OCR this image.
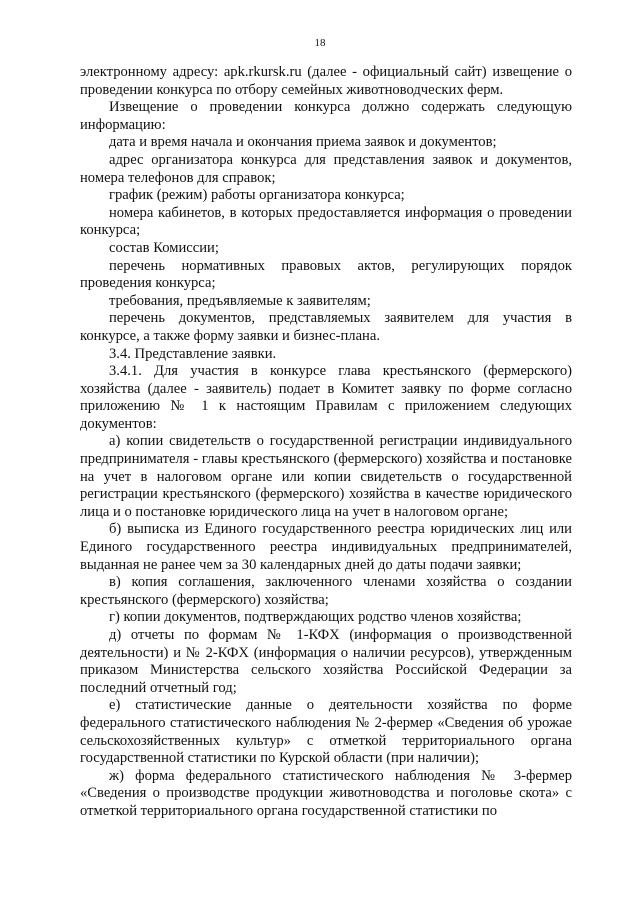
18

электронному адресу: apk.rkursk.ru (далее - официальный сайт) извещение о проведении конкурса по отбору семейных животноводческих ферм.

Извещение о проведении конкурса должно содержать следующую информацию:

дата и время начала и окончания приема заявок и документов;

адрес организатора конкурса для представления заявок и документов, номера телефонов для справок;

график (режим) работы организатора конкурса;

номера кабинетов, в которых предоставляется информация о проведении конкурса;

состав Комиссии;

перечень нормативных правовых актов, регулирующих порядок проведения конкурса;

требования, предъявляемые к заявителям;

перечень документов, представляемых заявителем для участия в конкурсе, а также форму заявки и бизнес-плана.

3.4. Представление заявки.

3.4.1. Для участия в конкурсе глава крестьянского (фермерского) хозяйства (далее - заявитель) подает в Комитет заявку по форме согласно приложению № 1 к настоящим Правилам с приложением следующих документов:

а) копии свидетельств о государственной регистрации индивидуального предпринимателя - главы крестьянского (фермерского) хозяйства и постановке на учет в налоговом органе или копии свидетельств о государственной регистрации крестьянского (фермерского) хозяйства в качестве юридического лица и о постановке юридического лица на учет в налоговом органе;

б) выписка из Единого государственного реестра юридических лиц или Единого государственного реестра индивидуальных предпринимателей, выданная не ранее чем за 30 календарных дней до даты подачи заявки;

в) копия соглашения, заключенного членами хозяйства о создании крестьянского (фермерского) хозяйства;

г) копии документов, подтверждающих родство членов хозяйства;

д) отчеты по формам № 1-КФХ (информация о производственной деятельности) и № 2-КФХ (информация о наличии ресурсов), утвержденным приказом Министерства сельского хозяйства Российской Федерации за последний отчетный год;

е) статистические данные о деятельности хозяйства по форме федерального статистического наблюдения № 2-фермер «Сведения об урожае сельскохозяйственных культур» с отметкой территориального органа государственной статистики по Курской области (при наличии);

ж) форма федерального статистического наблюдения № 3-фермер «Сведения о производстве продукции животноводства и поголовье скота» с отметкой территориального органа государственной статистики по
